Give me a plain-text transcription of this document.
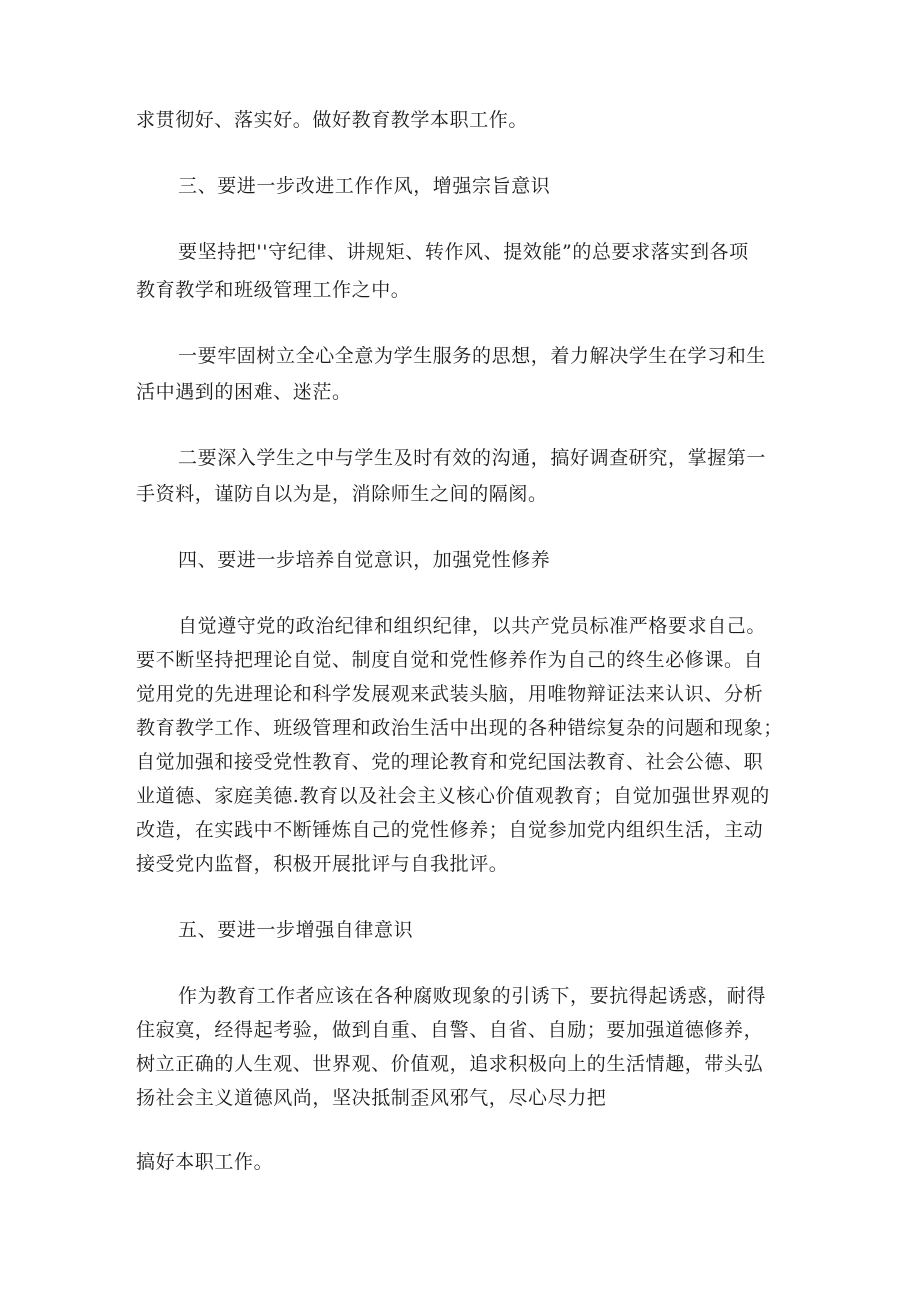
求贯彻好、落实好。做好教育教学本职工作。
三、要进一步改进工作作风，增强宗旨意识
要坚持把''守纪律、讲规矩、转作风、提效能”的总要求落实到各项
教育教学和班级管理工作之中。
一要牢固树立全心全意为学生服务的思想，着力解决学生在学习和生
活中遇到的困难、迷茫。
二要深入学生之中与学生及时有效的沟通，搞好调查研究，掌握第一
手资料，谨防自以为是，消除师生之间的隔阂。
四、要进一步培养自觉意识，加强党性修养
自觉遵守党的政治纪律和组织纪律，以共产党员标准严格要求自己。
要不断坚持把理论自觉、制度自觉和党性修养作为自己的终生必修课。自
觉用党的先进理论和科学发展观来武装头脑，用唯物辩证法来认识、分析
教育教学工作、班级管理和政治生活中出现的各种错综复杂的问题和现象；
自觉加强和接受党性教育、党的理论教育和党纪国法教育、社会公德、职
业道德、家庭美德.教育以及社会主义核心价值观教育；自觉加强世界观的
改造，在实践中不断锤炼自己的党性修养；自觉参加党内组织生活，主动
接受党内监督，积极开展批评与自我批评。
五、要进一步增强自律意识
作为教育工作者应该在各种腐败现象的引诱下，要抗得起诱惑，耐得
住寂寞，经得起考验，做到自重、自警、自省、自励；要加强道德修养，
树立正确的人生观、世界观、价值观，追求积极向上的生活情趣，带头弘
扬社会主义道德风尚，坚决抵制歪风邪气，尽心尽力把
搞好本职工作。
